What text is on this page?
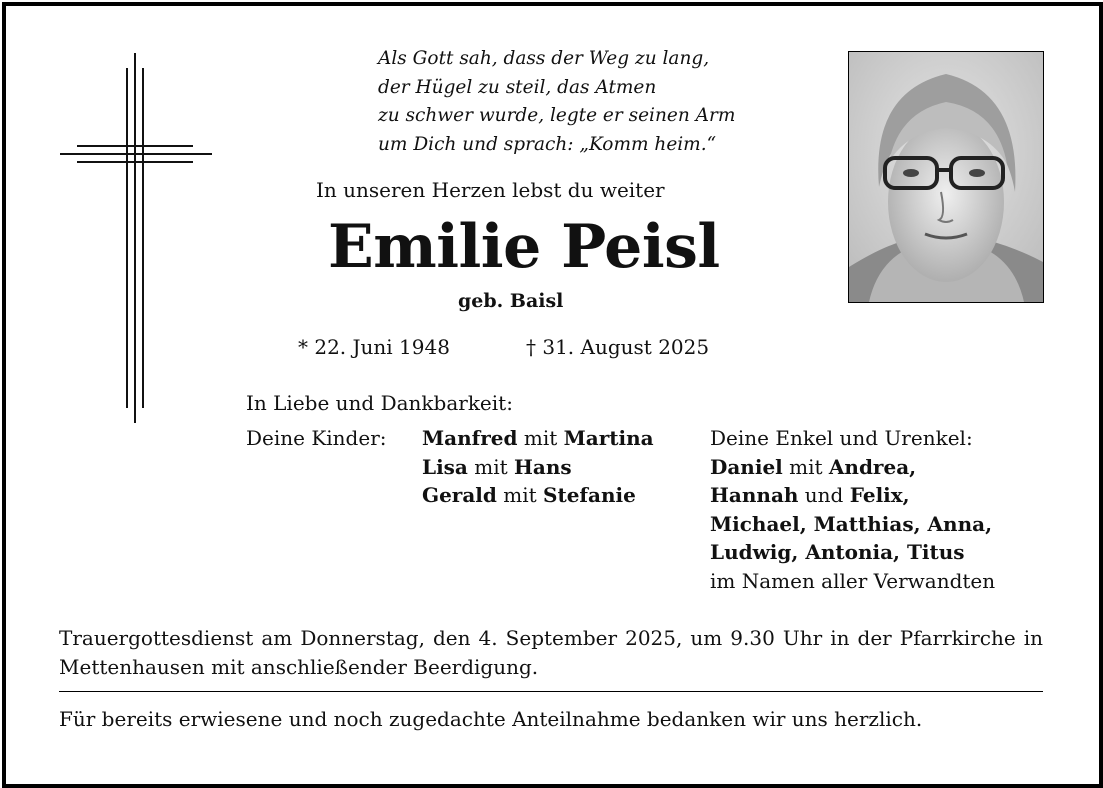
Als Gott sah, dass der Weg zu lang,
der Hügel zu steil, das Atmen
zu schwer wurde, legte er seinen Arm
um Dich und sprach: „Komm heim.“
In unseren Herzen lebst du weiter
Emilie Peisl
geb. Baisl
* 22. Juni 1948	† 31. August 2025
In Liebe und Dankbarkeit:
Deine Kinder: Manfred mit Martina
Lisa mit Hans
Gerald mit Stefanie
Deine Enkel und Urenkel:
Daniel mit Andrea,
Hannah und Felix,
Michael, Matthias, Anna,
Ludwig, Antonia, Titus
im Namen aller Verwandten
Trauergottesdienst am Donnerstag, den 4. September 2025, um 9.30 Uhr in der Pfarrkirche in Mettenhausen mit anschließender Beerdigung.
Für bereits erwiesene und noch zugedachte Anteilnahme bedanken wir uns herzlich.
